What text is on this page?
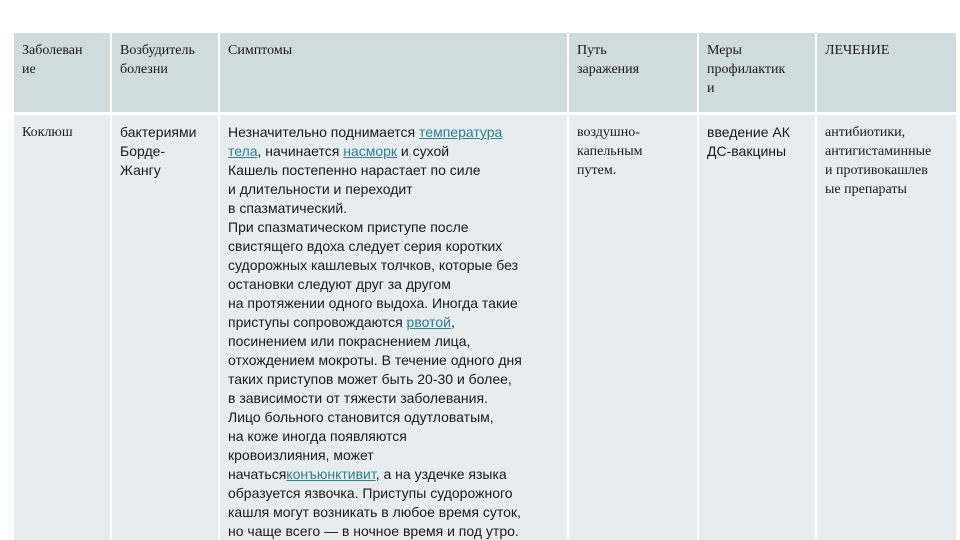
Заболеван
ие
Возбудитель
болезни
Симптомы	Путь
заражения
Меры
профилактик
и
ЛЕЧЕНИЕ
Коклюш	бактериями
Борде-
Жангу
Незначительно поднимается температура
тела, начинается насморк и сухой
Кашель постепенно нарастает по силе
и длительности и переходит
в спазматический.
При спазматическом приступе после
свистящего вдоха следует серия коротких
судорожных кашлевых толчков, которые без
остановки следуют друг за другом
на протяжении одного выдоха. Иногда такие
приступы сопровождаются рвотой,
посинением или покраснением лица,
отхождением мокроты. В течение одного дня
таких приступов может быть 20-30 и более,
в зависимости от тяжести заболевания.
Лицо больного становится одутловатым,
на коже иногда появляются
кровоизлияния, может
начатьсяконъюнктивит, а на уздечке языка
образуется язвочка. Приступы судорожного
кашля могут возникать в любое время суток,
но чаще всего — в ночное время и под утро.
воздушно-
капельным
путем.
введение АК
ДС-вакцины
антибиотики,
антигистаминные
и противокашлев
ые препараты
